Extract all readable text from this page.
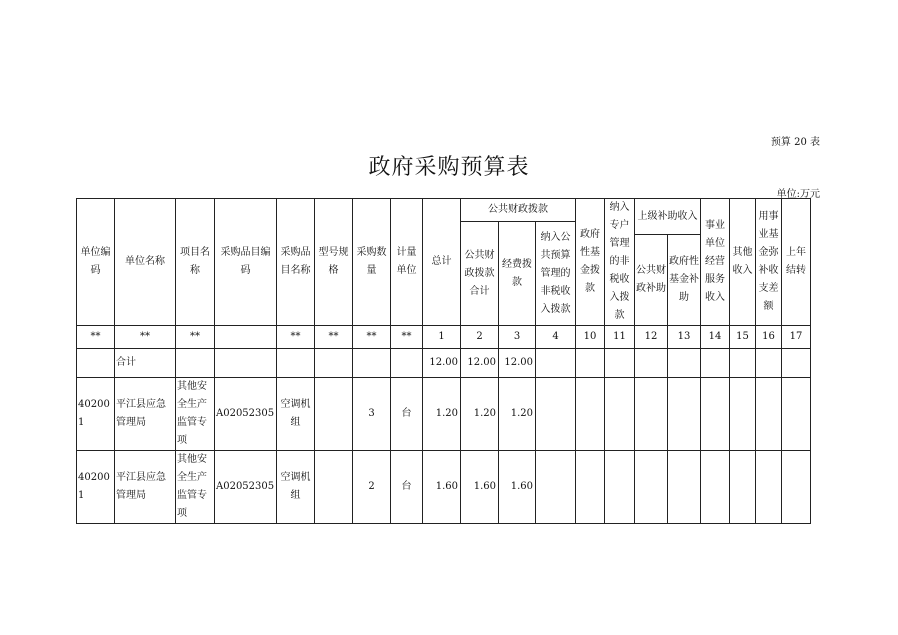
预算 20 表
政府采购预算表
单位:万元
单位编码	单位名称	项目名称	采购品目编码	采购品目名称	型号规格	采购数量	计量单位	总计	公共财政拨款			政府性基金拨款	纳入专户管理的非税收入拨款	上级补助收入		事业单位经营服务收入	其他收入	用事业基金弥补收支差额	上年结转
									公共财政拨款合计	经费拨款	纳入公共预算管理的非税收入拨款								
														公共财政补助	政府性基金补助				
**	**	**		**	**	**	**	1	2	3	4	10	11	12	13	14	15	16	17
	合计							12.00	12.00	12.00									
402001	平江县应急管理局	其他安全生产监管专项	A02052305	空调机组		3	台	1.20	1.20	1.20									
402001	平江县应急管理局	其他安全生产监管专项	A02052305	空调机组		2	台	1.60	1.60	1.60									
